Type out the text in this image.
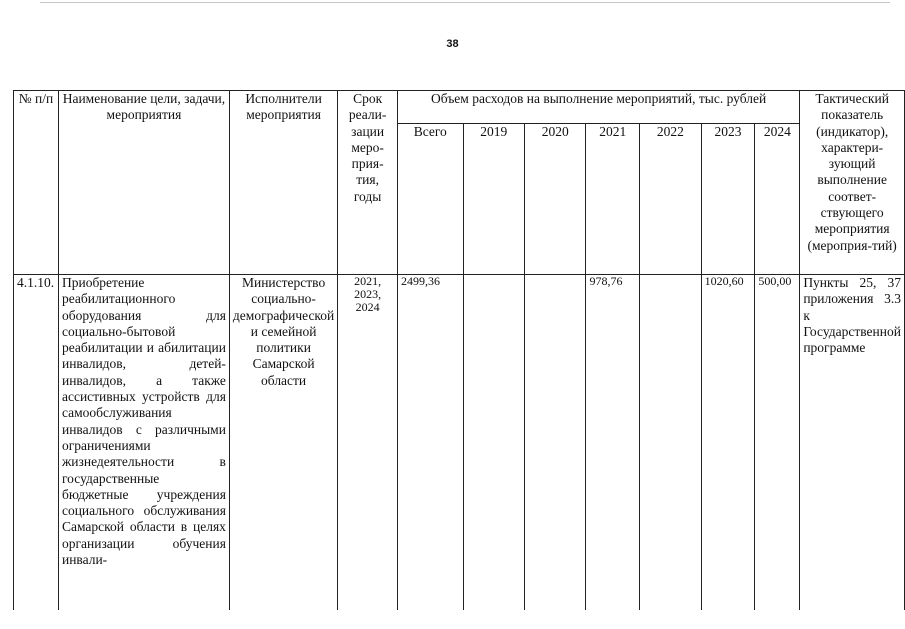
38
№ п/п	Наименование цели, задачи, мероприятия	Исполнители мероприятия	Срок реали-зации меро-прия-тия, годы	Объем расходов на выполнение мероприятий, тыс. рублей							Тактический показатель (индикатор), характери-зующий выполнение соответ-ствующего мероприятия (мероприя-тий)
				Всего	2019	2020	2021	2022	2023	2024	
4.1.10.	Приобретение реабилитационного оборудования для социально-бытовой реабилитации и абилитации инвалидов, детей-инвалидов, а также ассистивных устройств для самообслуживания инвалидов с различными ограничениями жизнедеятельности в государственные бюджетные учреждения социального обслуживания Самарской области в целях организации обучения инвали-	Министерство социально-демографической и семейной политики Самарской области	2021, 2023, 2024	2499,36			978,76		1020,60	500,00	Пункты 25, 37 приложения 3.3 к Государственной программе
